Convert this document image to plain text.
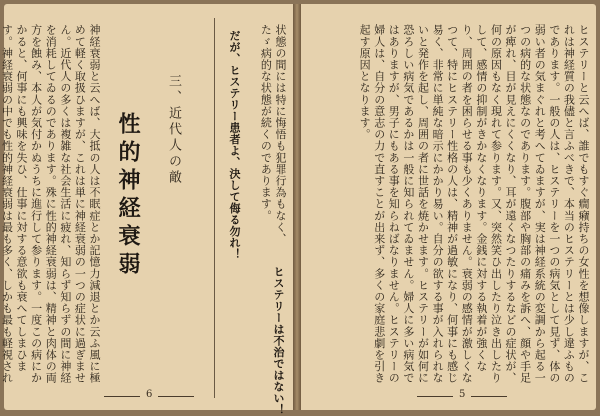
状態の間には特に悔悟も犯罪行為もなく、たゞ病的な状態が続くのであります。
だが、ヒステリー患者よ、決して侮る勿れ！
ヒステリーは不治ではない！
三、近代人の敵
性的神経衰弱
神経衰弱と云へば、大抵の人は不眠症とか記憶力減退とか云ふ風に極めて軽く取扱ひますが、これは単に神経衰弱の一つの症状に過ぎません。近代人の多くは複雑な社会生活に疲れ、知らず知らずの間に神経を消耗してゐるのであります。殊に性的神経衰弱は、精神と肉体の両方を蝕み、本人が気付かぬうちに進行して参ります。一度この病にかかると、何事にも興味を失ひ、仕事に対する意欲も衰へてしまひます。神経衰弱の中でも性的神経衰弱は最も多く、しかも最も軽視され
6
ヒステリーと云へば、誰でもすぐ癇癪持ちの女性を想像しますが、これは神経質の我儘と言ふべきで、本当のヒステリーとは少し違ふものであります。一般の人は、ヒステリーを一つの病気として見ず、体の弱い者の気まぐれと考へてゐますが、実は神経系統の変調から起る一つの病的な状態なのであります。腹部や胸部の痛みを訴へ、顔や手足が痺れ、目が見えにくくなり、耳が遠くなつたりするなどの症状が、何の原因もなく現れて参ります。又、突然笑ひ出したり泣き出したりして、感情の抑制がきかなくなります。金銭に対する執着が強くなり、周囲の者を困らせる事も少くありません。衰弱の感情が激しくなつて、特にヒステリー性格の人は、精神が過敏になり、何事にも感じ易く、非常に単純な暗示にかかり易い。自分の欲する事が入れられないと発作を起し、周囲の者に世話を焼かせます。ヒステリーが如何に恐ろしい病気であるかは一般に知られてゐません。婦人に多い病気ではありますが、男子にもある事を知らねばなりません。ヒステリーの婦人は、自分の意志の力で直すことが出来ず、多くの家庭悲劇を引き起す原因となります。
5
